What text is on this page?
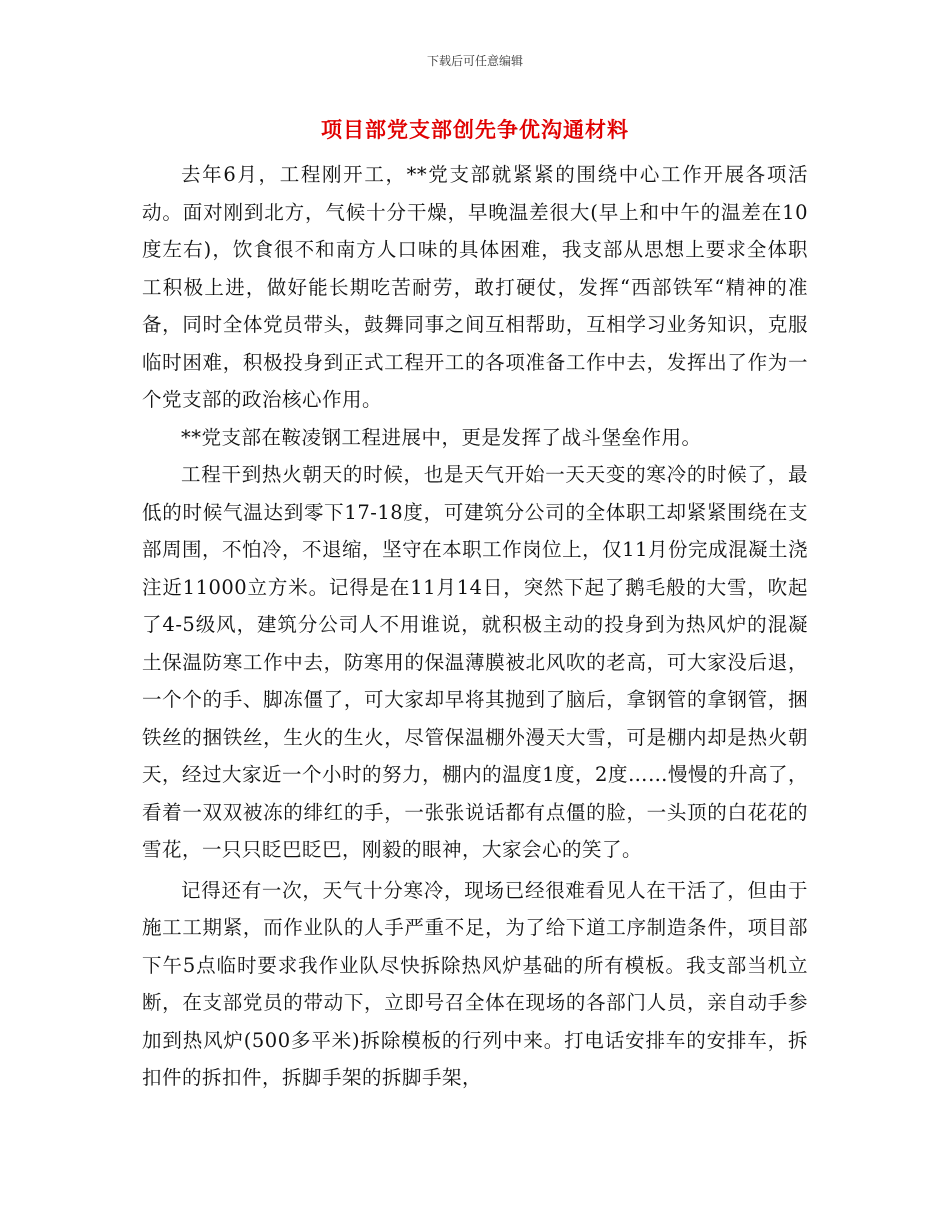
下载后可任意编辑
项目部党支部创先争优沟通材料

去年6月，工程刚开工，**党支部就紧紧的围绕中心工作开展各项活动。面对刚到北方，气候十分干燥，早晚温差很大(早上和中午的温差在10度左右)，饮食很不和南方人口味的具体困难，我支部从思想上要求全体职工积极上进，做好能长期吃苦耐劳，敢打硬仗，发挥“西部铁军“精神的准备，同时全体党员带头，鼓舞同事之间互相帮助，互相学习业务知识，克服临时困难，积极投身到正式工程开工的各项准备工作中去，发挥出了作为一个党支部的政治核心作用。

**党支部在鞍凌钢工程进展中，更是发挥了战斗堡垒作用。

工程干到热火朝天的时候，也是天气开始一天天变的寒冷的时候了，最低的时候气温达到零下17-18度，可建筑分公司的全体职工却紧紧围绕在支部周围，不怕冷，不退缩，坚守在本职工作岗位上，仅11月份完成混凝土浇注近11000立方米。记得是在11月14日，突然下起了鹅毛般的大雪，吹起了4-5级风，建筑分公司人不用谁说，就积极主动的投身到为热风炉的混凝土保温防寒工作中去，防寒用的保温薄膜被北风吹的老高，可大家没后退，一个个的手、脚冻僵了，可大家却早将其抛到了脑后，拿钢管的拿钢管，捆铁丝的捆铁丝，生火的生火，尽管保温棚外漫天大雪，可是棚内却是热火朝天，经过大家近一个小时的努力，棚内的温度1度，2度……慢慢的升高了，看着一双双被冻的绯红的手，一张张说话都有点僵的脸，一头顶的白花花的雪花，一只只眨巴眨巴，刚毅的眼神，大家会心的笑了。

记得还有一次，天气十分寒冷，现场已经很难看见人在干活了，但由于施工工期紧，而作业队的人手严重不足，为了给下道工序制造条件，项目部下午5点临时要求我作业队尽快拆除热风炉基础的所有模板。我支部当机立断，在支部党员的带动下，立即号召全体在现场的各部门人员，亲自动手参加到热风炉(500多平米)拆除模板的行列中来。打电话安排车的安排车，拆扣件的拆扣件，拆脚手架的拆脚手架，
